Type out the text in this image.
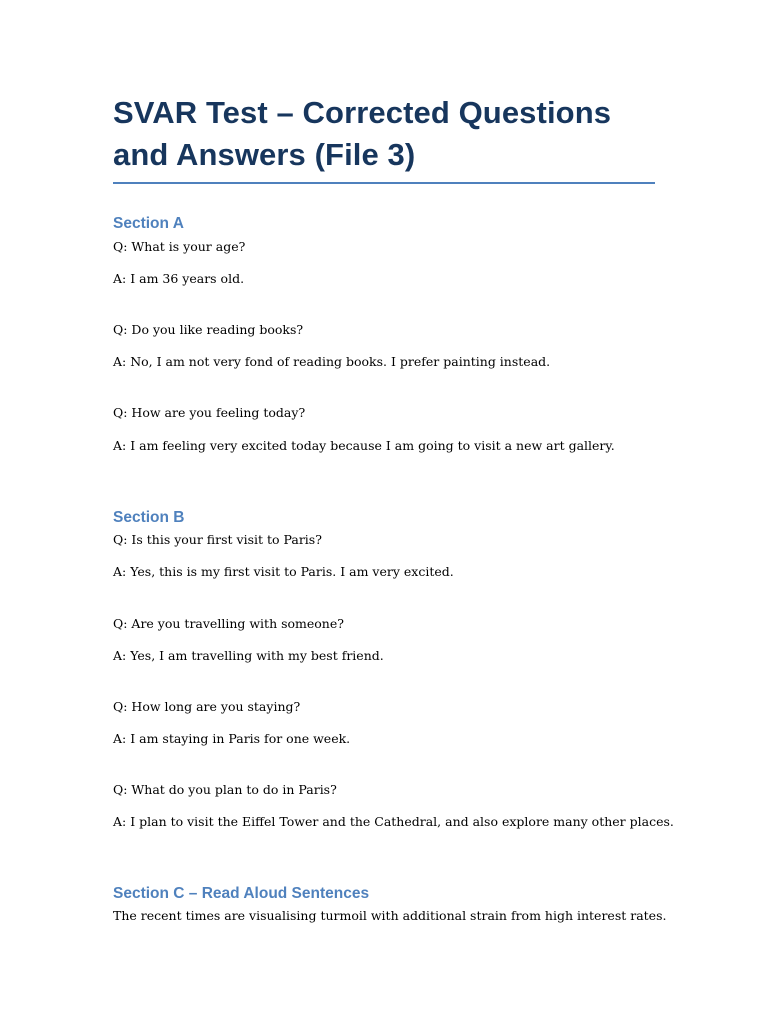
SVAR Test – Corrected Questions and Answers (File 3)
Section A

Q: What is your age?

A: I am 36 years old.

Q: Do you like reading books?

A: No, I am not very fond of reading books. I prefer painting instead.

Q: How are you feeling today?

A: I am feeling very excited today because I am going to visit a new art gallery.

Section B

Q: Is this your first visit to Paris?

A: Yes, this is my first visit to Paris. I am very excited.

Q: Are you travelling with someone?

A: Yes, I am travelling with my best friend.

Q: How long are you staying?

A: I am staying in Paris for one week.

Q: What do you plan to do in Paris?

A: I plan to visit the Eiffel Tower and the Cathedral, and also explore many other places.

Section C – Read Aloud Sentences

The recent times are visualising turmoil with additional strain from high interest rates.
